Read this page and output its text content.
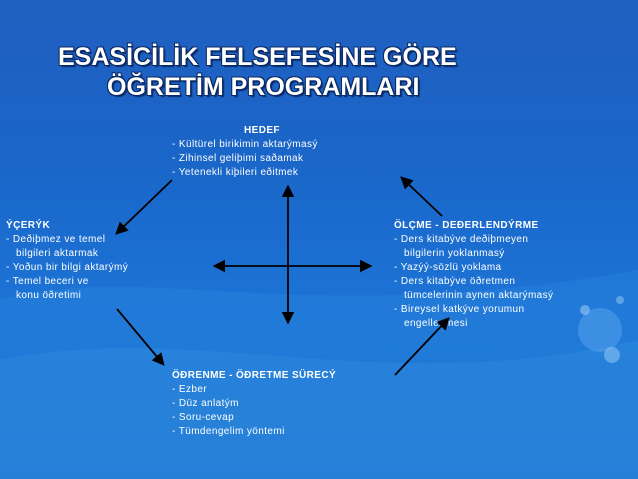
ESASİCİLİK FELSEFESİNE GÖRE
ÖĞRETİM PROGRAMLARI
HEDEF
- Kültürel birikimin aktarýmasý
- Zihinsel geliþimi saðamak
- Yetenekli kiþileri eðitmek
ÝÇERÝK
- Deðiþmez ve temel
bilgileri aktarmak
- Yoðun bir bilgi aktarýmý
- Temel beceri ve
konu öðretimi
ÖLÇME - DEÐERLENDÝRME
- Ders kitabýve deðiþmeyen
bilgilerin yoklanmasý
- Yazýý-sözlü yoklama
- Ders kitabýve öðretmen
tümcelerinin aynen aktarýmasý
- Bireysel katkýve yorumun
engellenmesi
ÖÐRENME - ÖÐRETME SÜRECÝ
- Ezber
- Düz anlatým
- Soru-cevap
- Tümdengelim yöntemi
